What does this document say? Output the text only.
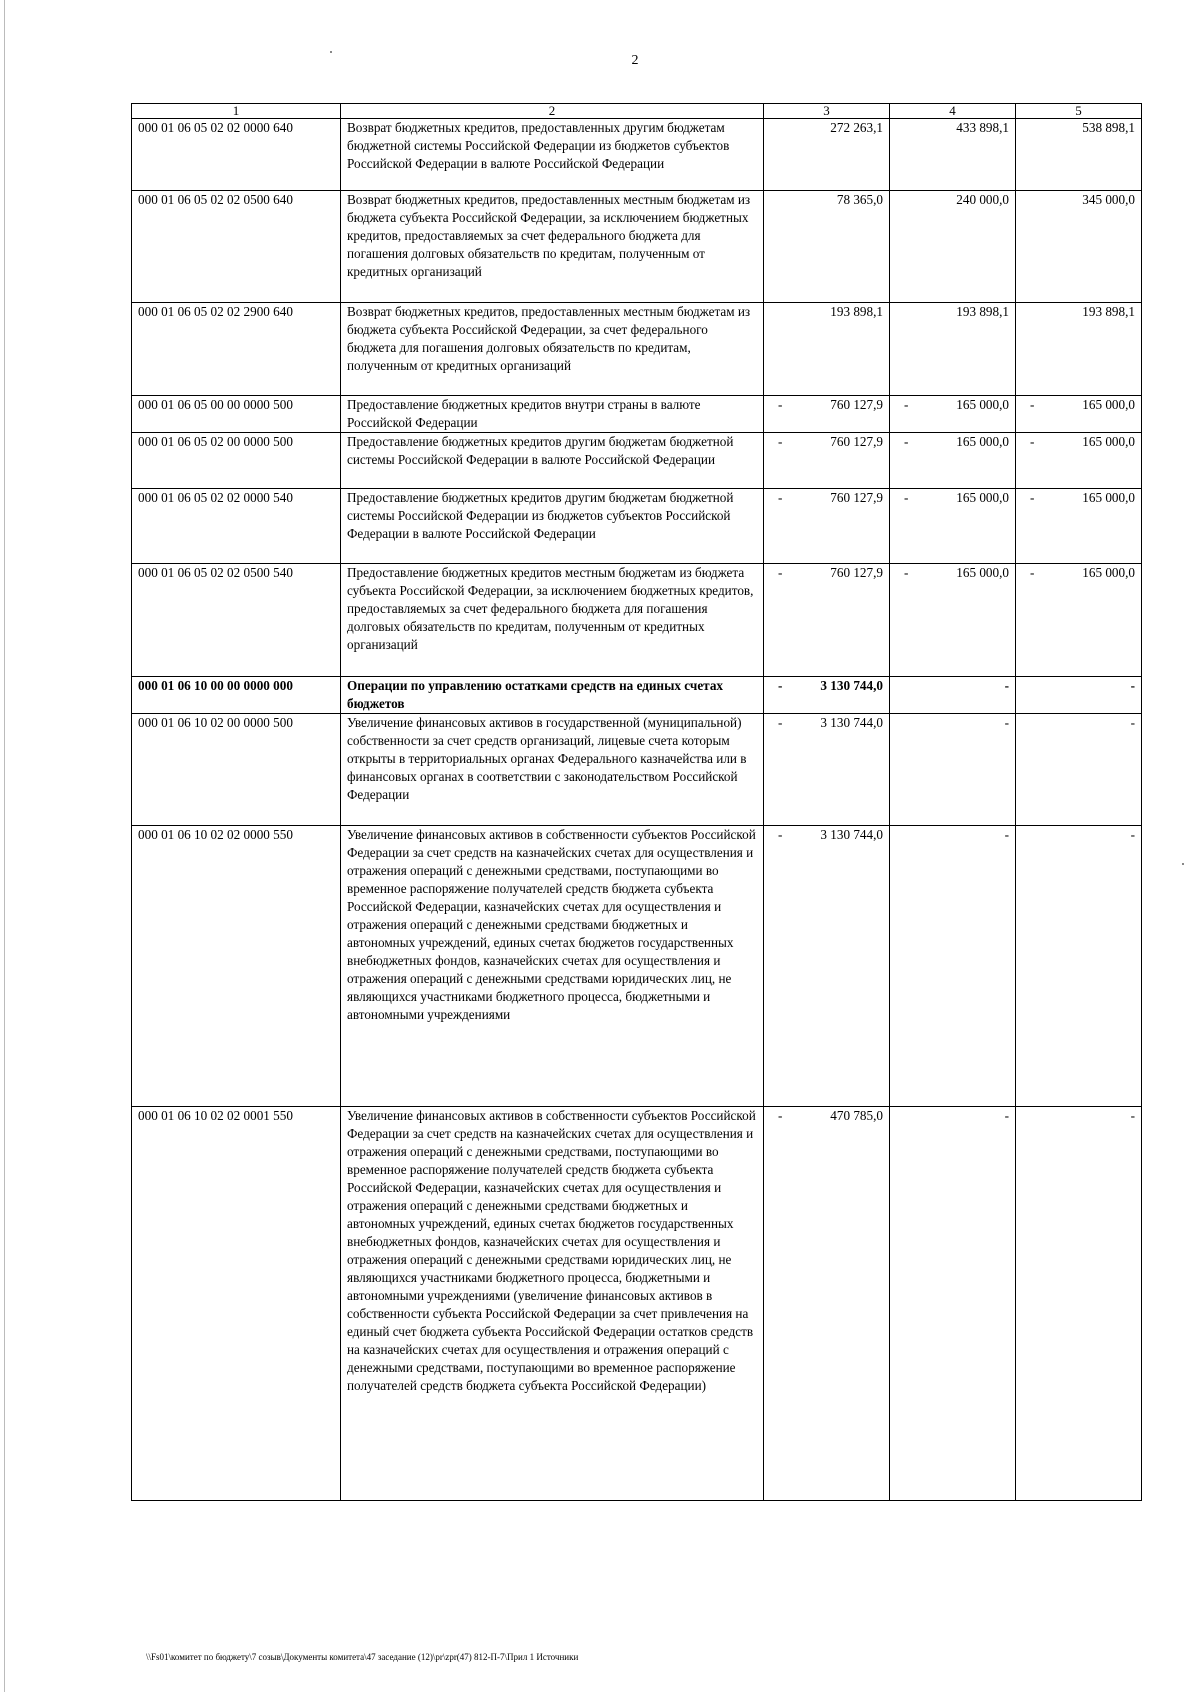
2
1	2	3	4	5
000 01 06 05 02 02 0000 640	Возврат бюджетных кредитов, предоставленных другим бюджетам бюджетной системы Российской Федерации из бюджетов субъектов Российской Федерации в валюте Российской Федерации	272 263,1	433 898,1	538 898,1
000 01 06 05 02 02 0500 640	Возврат бюджетных кредитов, предоставленных местным бюджетам из бюджета субъекта Российской Федерации, за исключением бюджетных кредитов, предоставляемых за счет федерального бюджета для погашения долговых обязательств по кредитам, полученным от кредитных организаций	78 365,0	240 000,0	345 000,0
000 01 06 05 02 02 2900 640	Возврат бюджетных кредитов, предоставленных местным бюджетам из бюджета субъекта Российской Федерации, за счет федерального бюджета для погашения долговых обязательств по кредитам, полученным от кредитных организаций	193 898,1	193 898,1	193 898,1
000 01 06 05 00 00 0000 500	Предоставление бюджетных кредитов внутри страны в валюте Российской Федерации	- 760 127,9	- 165 000,0	- 165 000,0
000 01 06 05 02 00 0000 500	Предоставление бюджетных кредитов другим бюджетам бюджетной системы Российской Федерации в валюте Российской Федерации	- 760 127,9	- 165 000,0	- 165 000,0
000 01 06 05 02 02 0000 540	Предоставление бюджетных кредитов другим бюджетам бюджетной системы Российской Федерации из бюджетов субъектов Российской Федерации в валюте Российской Федерации	- 760 127,9	- 165 000,0	- 165 000,0
000 01 06 05 02 02 0500 540	Предоставление бюджетных кредитов местным бюджетам из бюджета субъекта Российской Федерации, за исключением бюджетных кредитов, предоставляемых за счет федерального бюджета для погашения долговых обязательств по кредитам, полученным от кредитных организаций	- 760 127,9	- 165 000,0	- 165 000,0
000 01 06 10 00 00 0000 000	Операции по управлению остатками средств на единых счетах бюджетов	- 3 130 744,0	-	-
000 01 06 10 02 00 0000 500	Увеличение финансовых активов в государственной (муниципальной) собственности за счет средств организаций, лицевые счета которым открыты в территориальных органах Федерального казначейства или в финансовых органах в соответствии с законодательством Российской Федерации	- 3 130 744,0	-	-
000 01 06 10 02 02 0000 550	Увеличение финансовых активов в собственности субъектов Российской Федерации за счет средств на казначейских счетах для осуществления и отражения операций с денежными средствами, поступающими во временное распоряжение получателей средств бюджета субъекта Российской Федерации, казначейских счетах для осуществления и отражения операций с денежными средствами бюджетных и автономных учреждений, единых счетах бюджетов государственных внебюджетных фондов, казначейских счетах для осуществления и отражения операций с денежными средствами юридических лиц, не являющихся участниками бюджетного процесса, бюджетными и автономными учреждениями	- 3 130 744,0	-	-
000 01 06 10 02 02 0001 550	Увеличение финансовых активов в собственности субъектов Российской Федерации за счет средств на казначейских счетах для осуществления и отражения операций с денежными средствами, поступающими во временное распоряжение получателей средств бюджета субъекта Российской Федерации, казначейских счетах для осуществления и отражения операций с денежными средствами бюджетных и автономных учреждений, единых счетах бюджетов государственных внебюджетных фондов, казначейских счетах для осуществления и отражения операций с денежными средствами юридических лиц, не являющихся участниками бюджетного процесса, бюджетными и автономными учреждениями (увеличение финансовых активов в собственности субъекта Российской Федерации за счет привлечения на единый счет бюджета субъекта Российской Федерации остатков средств на казначейских счетах для осуществления и отражения операций с денежными средствами, поступающими во временное распоряжение получателей средств бюджета субъекта Российской Федерации)	- 470 785,0	-	-
\\Fs01\комитет по бюджету\7 созыв\Документы комитета\47 заседание (12)\pr\zpr(47) 812-П-7\Прил 1 Источники
